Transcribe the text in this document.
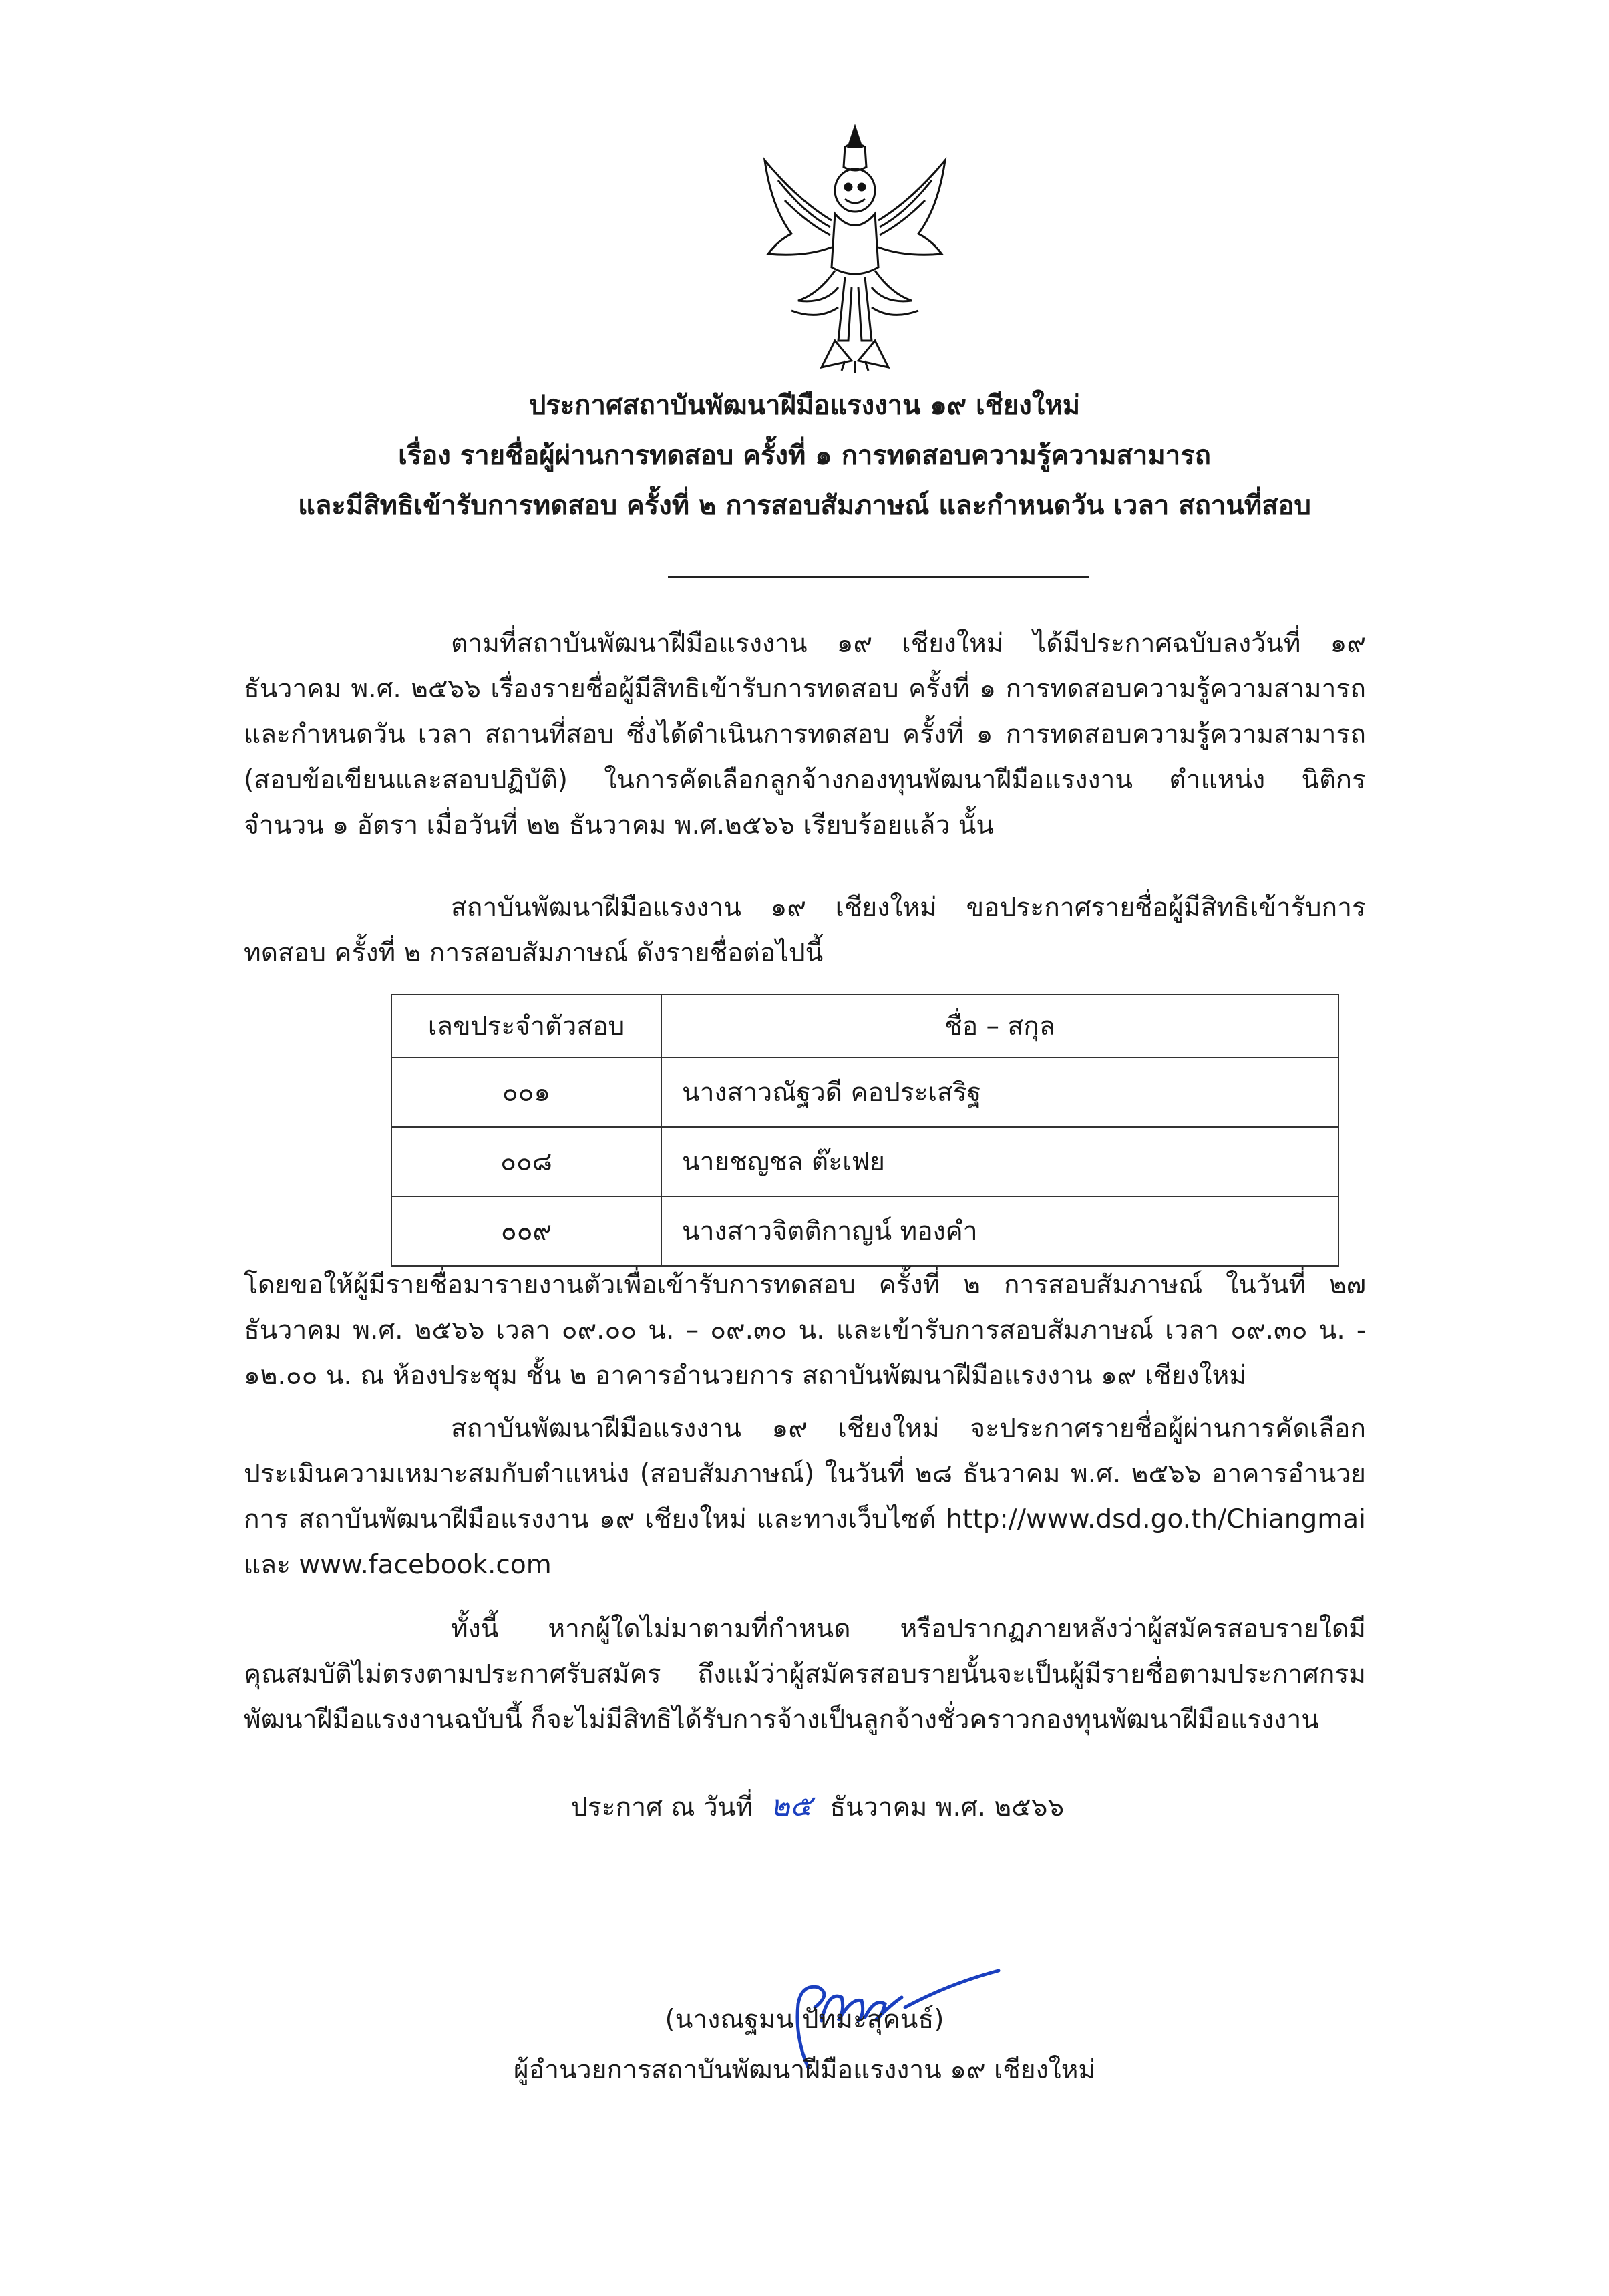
ประกาศสถาบันพัฒนาฝีมือแรงงาน ๑๙ เชียงใหม่
เรื่อง รายชื่อผู้ผ่านการทดสอบ ครั้งที่ ๑ การทดสอบความรู้ความสามารถ
และมีสิทธิเข้ารับการทดสอบ ครั้งที่ ๒ การสอบสัมภาษณ์ และกำหนดวัน เวลา สถานที่สอบ
ตามที่สถาบันพัฒนาฝีมือแรงงาน ๑๙ เชียงใหม่ ได้มีประกาศฉบับลงวันที่ ๑๙ ธันวาคม พ.ศ. ๒๕๖๖ เรื่องรายชื่อผู้มีสิทธิเข้ารับการทดสอบ ครั้งที่ ๑ การทดสอบความรู้ความสามารถ และกำหนดวัน เวลา สถานที่สอบ ซึ่งได้ดำเนินการทดสอบ ครั้งที่ ๑ การทดสอบความรู้ความสามารถ (สอบข้อเขียนและสอบปฏิบัติ) ในการคัดเลือกลูกจ้างกองทุนพัฒนาฝีมือแรงงาน ตำแหน่ง นิติกร จำนวน ๑ อัตรา เมื่อวันที่ ๒๒ ธันวาคม พ.ศ.๒๕๖๖ เรียบร้อยแล้ว นั้น
สถาบันพัฒนาฝีมือแรงงาน ๑๙ เชียงใหม่ ขอประกาศรายชื่อผู้มีสิทธิเข้ารับการทดสอบ ครั้งที่ ๒ การสอบสัมภาษณ์ ดังรายชื่อต่อไปนี้
เลขประจำตัวสอบ	ชื่อ – สกุล
๐๐๑	นางสาวณัฐวดี คอประเสริฐ
๐๐๘	นายชญชล ต๊ะเฟย
๐๐๙	นางสาวจิตติกาญน์ ทองคำ
โดยขอให้ผู้มีรายชื่อมารายงานตัวเพื่อเข้ารับการทดสอบ ครั้งที่ ๒ การสอบสัมภาษณ์ ในวันที่ ๒๗ ธันวาคม พ.ศ. ๒๕๖๖ เวลา ๐๙.๐๐ น. – ๐๙.๓๐ น. และเข้ารับการสอบสัมภาษณ์ เวลา ๐๙.๓๐ น. - ๑๒.๐๐ น. ณ ห้องประชุม ชั้น ๒ อาคารอำนวยการ สถาบันพัฒนาฝีมือแรงงาน ๑๙ เชียงใหม่
สถาบันพัฒนาฝีมือแรงงาน ๑๙ เชียงใหม่ จะประกาศรายชื่อผู้ผ่านการคัดเลือกประเมินความเหมาะสมกับตำแหน่ง (สอบสัมภาษณ์) ในวันที่ ๒๘ ธันวาคม พ.ศ. ๒๕๖๖ อาคารอำนวยการ สถาบันพัฒนาฝีมือแรงงาน ๑๙ เชียงใหม่ และทางเว็บไซต์ http://www.dsd.go.th/Chiangmai และ www.facebook.com
ทั้งนี้ หากผู้ใดไม่มาตามที่กำหนด หรือปรากฏภายหลังว่าผู้สมัครสอบรายใดมีคุณสมบัติไม่ตรงตามประกาศรับสมัคร ถึงแม้ว่าผู้สมัครสอบรายนั้นจะเป็นผู้มีรายชื่อตามประกาศกรมพัฒนาฝีมือแรงงานฉบับนี้ ก็จะไม่มีสิทธิได้รับการจ้างเป็นลูกจ้างชั่วคราวกองทุนพัฒนาฝีมือแรงงาน
ประกาศ ณ วันที่ ๒๕ ธันวาคม พ.ศ. ๒๕๖๖
(นางณฐมน ปัทมะสุคนธ์)
ผู้อำนวยการสถาบันพัฒนาฝีมือแรงงาน ๑๙ เชียงใหม่
